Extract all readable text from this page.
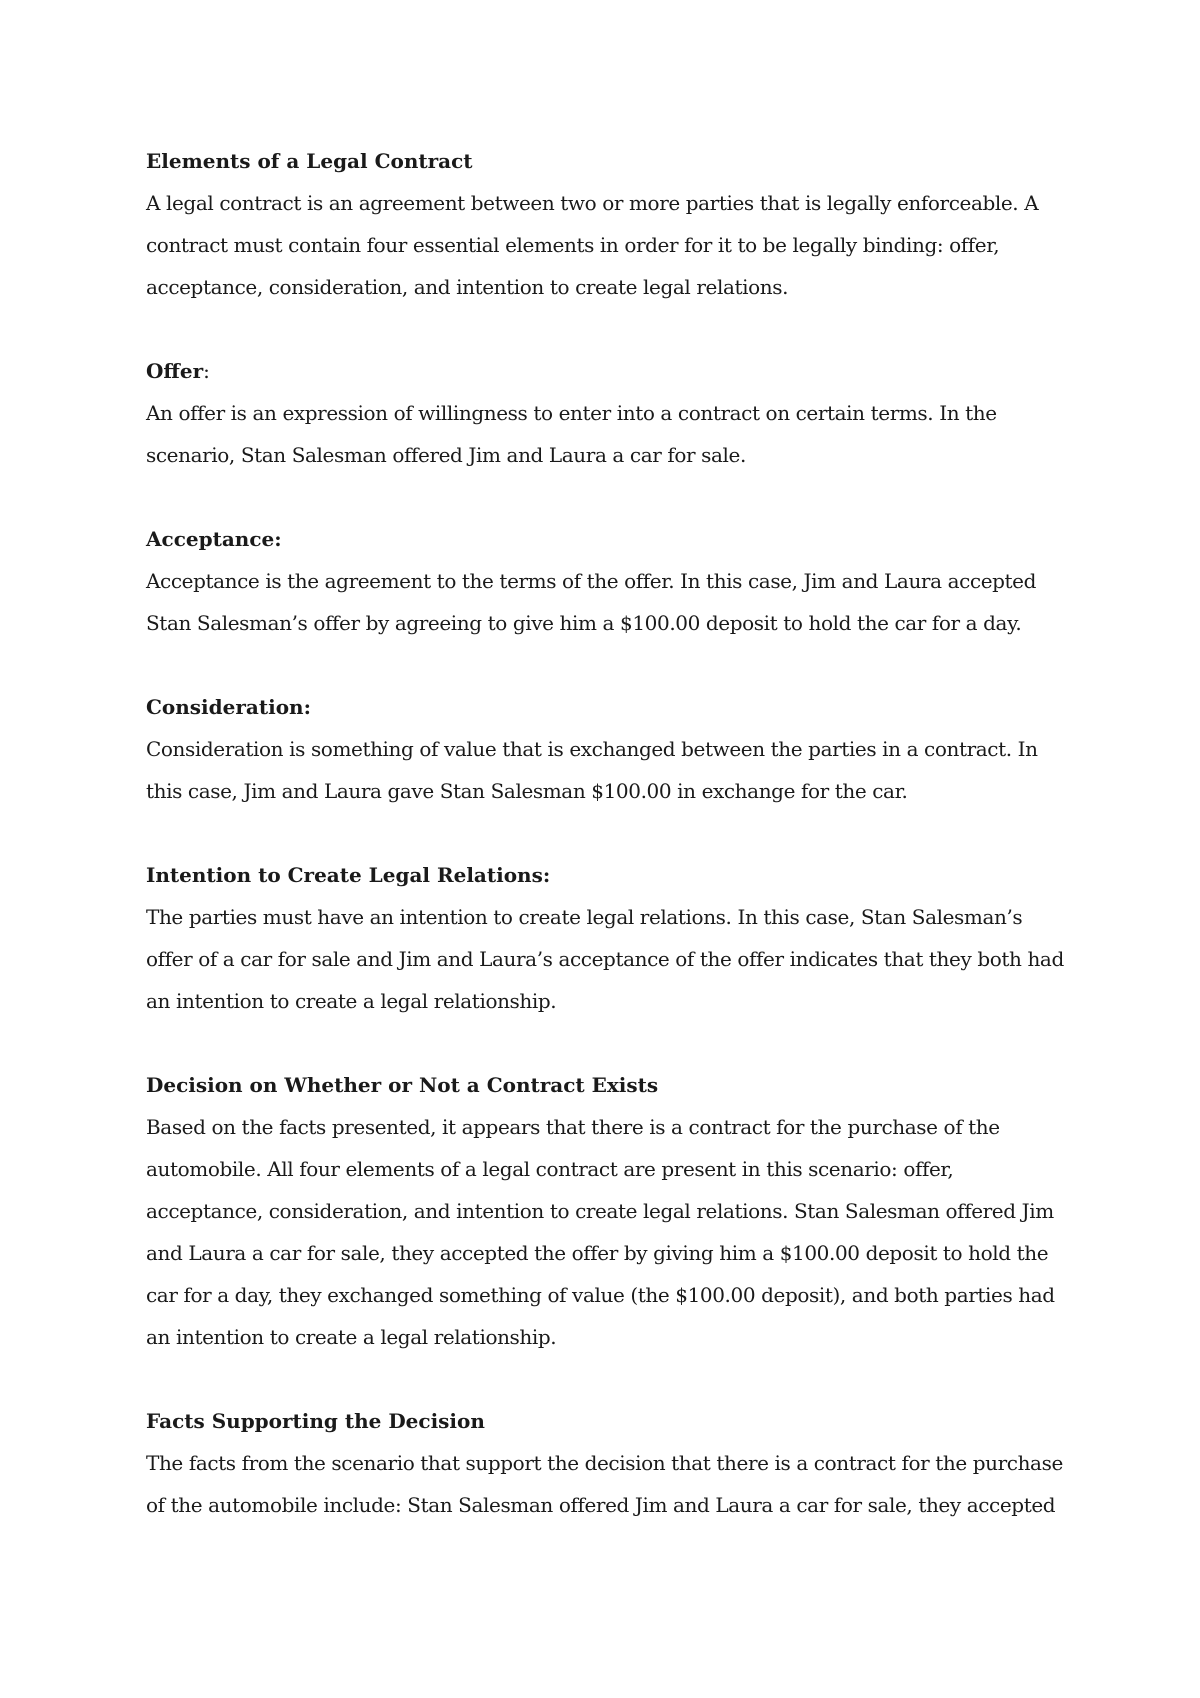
Elements of a Legal Contract

A legal contract is an agreement between two or more parties that is legally enforceable. A contract must contain four essential elements in order for it to be legally binding: offer, acceptance, consideration, and intention to create legal relations.

Offer:

An offer is an expression of willingness to enter into a contract on certain terms. In the scenario, Stan Salesman offered Jim and Laura a car for sale.

Acceptance:

Acceptance is the agreement to the terms of the offer. In this case, Jim and Laura accepted Stan Salesman’s offer by agreeing to give him a $100.00 deposit to hold the car for a day.

Consideration:

Consideration is something of value that is exchanged between the parties in a contract. In this case, Jim and Laura gave Stan Salesman $100.00 in exchange for the car.

Intention to Create Legal Relations:

The parties must have an intention to create legal relations. In this case, Stan Salesman’s offer of a car for sale and Jim and Laura’s acceptance of the offer indicates that they both had an intention to create a legal relationship.

Decision on Whether or Not a Contract Exists

Based on the facts presented, it appears that there is a contract for the purchase of the automobile. All four elements of a legal contract are present in this scenario: offer, acceptance, consideration, and intention to create legal relations. Stan Salesman offered Jim and Laura a car for sale, they accepted the offer by giving him a $100.00 deposit to hold the car for a day, they exchanged something of value (the $100.00 deposit), and both parties had an intention to create a legal relationship.

Facts Supporting the Decision

The facts from the scenario that support the decision that there is a contract for the purchase of the automobile include: Stan Salesman offered Jim and Laura a car for sale, they accepted
